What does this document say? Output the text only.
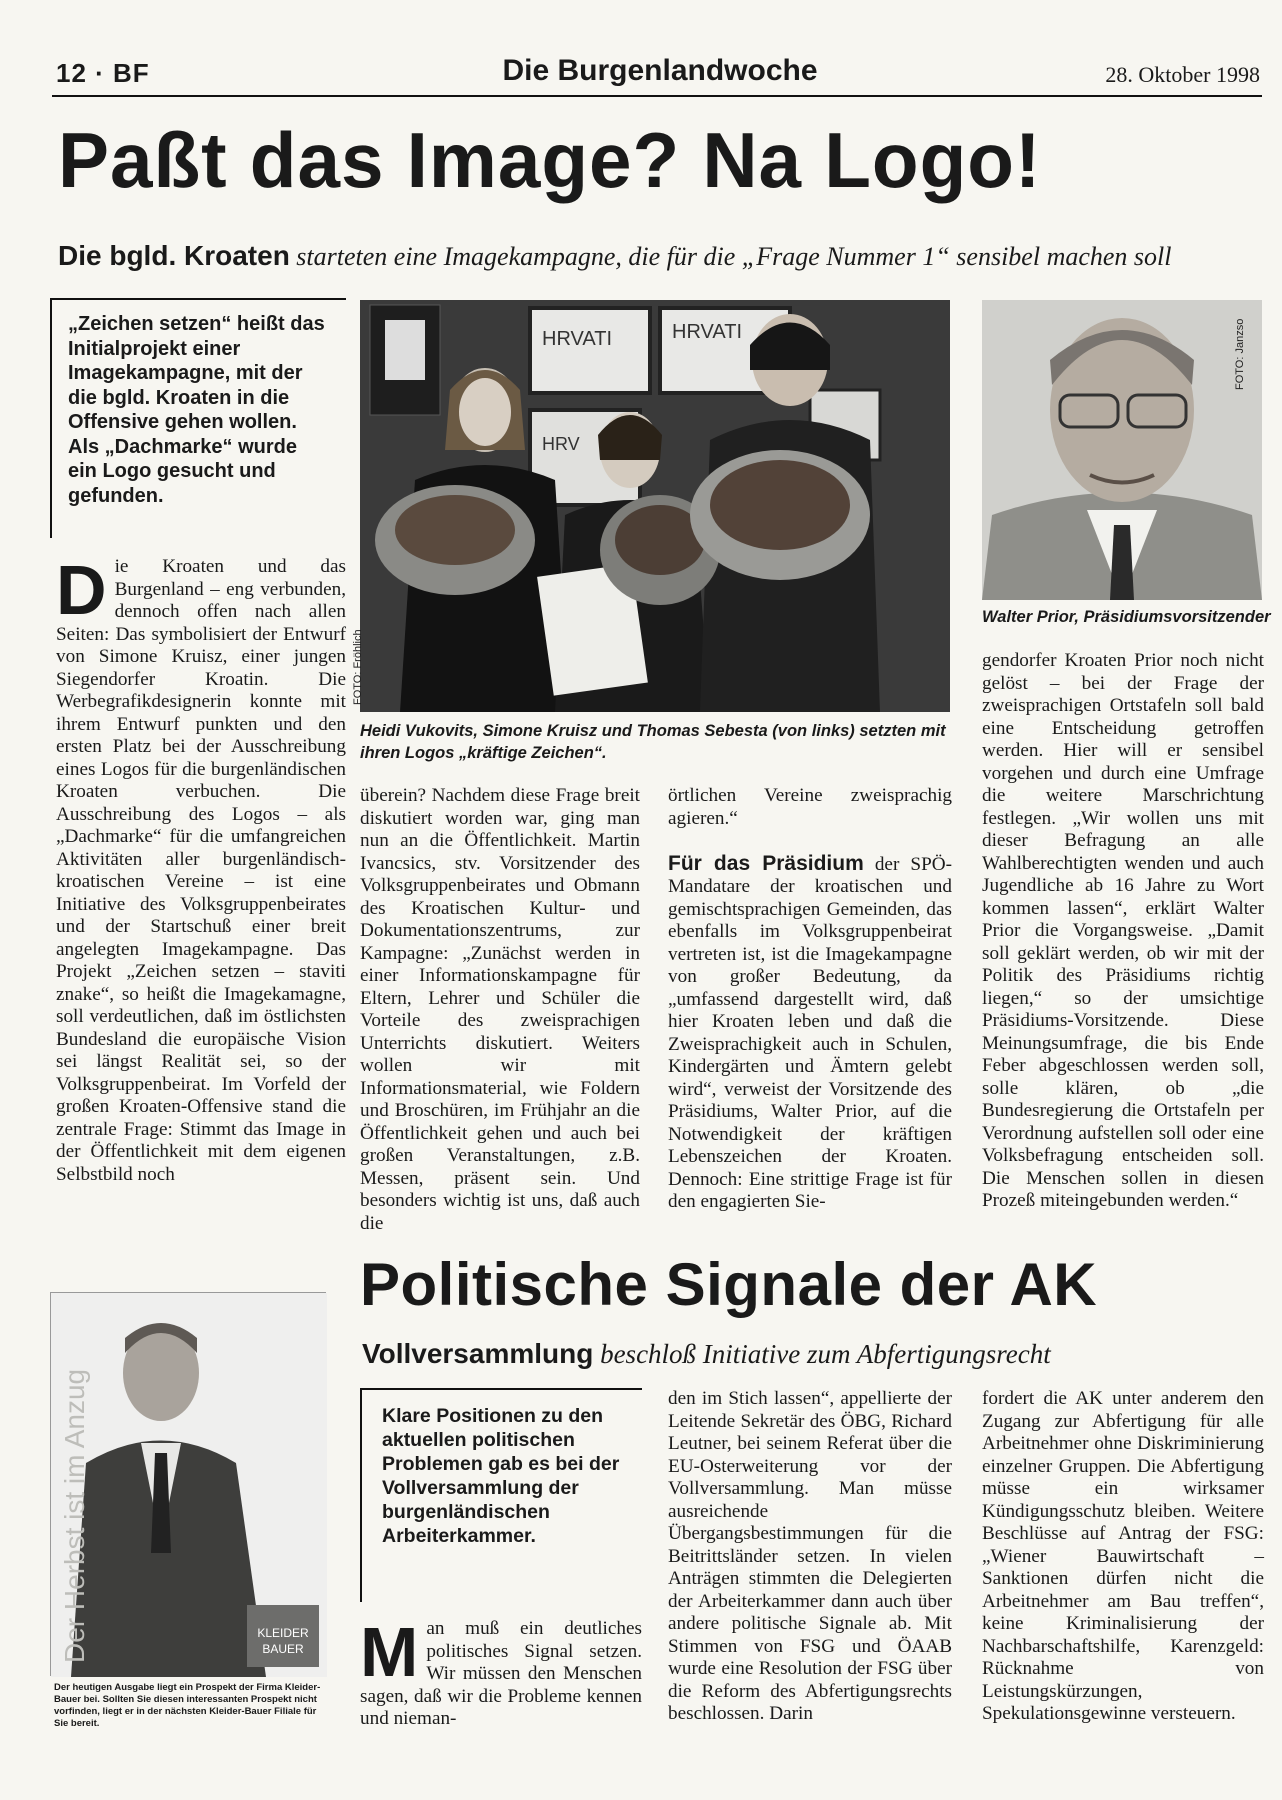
12 · BF	Die Burgenlandwoche	28. Oktober 1998
Paßt das Image? Na Logo!
Die bgld. Kroaten starteten eine Imagekampagne, die für die „Frage Nummer 1“ sensibel machen soll

„Zeichen setzen“ heißt das Initialprojekt einer Imagekampagne, mit der die bgld. Kroaten in die Offensive gehen wollen. Als „Dachmarke“ wurde ein Logo gesucht und gefunden.

HRVATI	HRVATI
HRV
FOTO: Fröhlich
FOTO: Janzso
Walter Prior, Präsidiumsvorsitzender
Heidi Vukovits, Simone Kruisz und Thomas Sebesta (von links) setzten mit ihren Logos „kräftige Zeichen“.
Die Kroaten und das Burgenland – eng verbunden, dennoch offen nach allen Seiten: Das symbolisiert der Entwurf von Simone Kruisz, einer jungen Siegendorfer Kroatin. Die Werbegrafikdesignerin konnte mit ihrem Entwurf punkten und den ersten Platz bei der Ausschreibung eines Logos für die burgenländischen Kroaten verbuchen. Die Ausschreibung des Logos – als „Dachmarke“ für die umfangreichen Aktivitäten aller burgenländisch-kroatischen Vereine – ist eine Initiative des Volksgruppenbeirates und der Startschuß einer breit angelegten Imagekampagne. Das Projekt „Zeichen setzen – staviti znake“, so heißt die Imagekamagne, soll verdeutlichen, daß im östlichsten Bundesland die europäische Vision sei längst Realität sei, so der Volksgruppenbeirat. Im Vorfeld der großen Kroaten-Offensive stand die zentrale Frage: Stimmt das Image in der Öffentlichkeit mit dem eigenen Selbstbild noch
überein? Nachdem diese Frage breit diskutiert worden war, ging man nun an die Öffentlichkeit. Martin Ivancsics, stv. Vorsitzender des Volksgruppenbeirates und Obmann des Kroatischen Kultur- und Dokumentationszentrums, zur Kampagne: „Zunächst werden in einer Informationskampagne für Eltern, Lehrer und Schüler die Vorteile des zweisprachigen Unterrichts diskutiert. Weiters wollen wir mit Informationsmaterial, wie Foldern und Broschüren, im Frühjahr an die Öffentlichkeit gehen und auch bei großen Veranstaltungen, z.B. Messen, präsent sein. Und besonders wichtig ist uns, daß auch die
örtlichen Vereine zweisprachig agieren.“

Für das Präsidium der SPÖ-Mandatare der kroatischen und gemischtsprachigen Gemeinden, das ebenfalls im Volksgruppenbeirat vertreten ist, ist die Imagekampagne von großer Bedeutung, da „umfassend dargestellt wird, daß hier Kroaten leben und daß die Zweisprachigkeit auch in Schulen, Kindergärten und Ämtern gelebt wird“, verweist der Vorsitzende des Präsidiums, Walter Prior, auf die Notwendigkeit der kräftigen Lebenszeichen der Kroaten. Dennoch: Eine strittige Frage ist für den engagierten Sie-
gendorfer Kroaten Prior noch nicht gelöst – bei der Frage der zweisprachigen Ortstafeln soll bald eine Entscheidung getroffen werden. Hier will er sensibel vorgehen und durch eine Umfrage die weitere Marschrichtung festlegen. „Wir wollen uns mit dieser Befragung an alle Wahlberechtigten wenden und auch Jugendliche ab 16 Jahre zu Wort kommen lassen“, erklärt Walter Prior die Vorgangsweise. „Damit soll geklärt werden, ob wir mit der Politik des Präsidiums richtig liegen,“ so der umsichtige Präsidiums-Vorsitzende. Diese Meinungsumfrage, die bis Ende Feber abgeschlossen werden soll, solle klären, ob „die Bundesregierung die Ortstafeln per Verordnung aufstellen soll oder eine Volksbefragung entscheiden soll. Die Menschen sollen in diesen Prozeß miteingebunden werden.“
KLEIDER
BAUER
Der Herbst ist im Anzug
Der heutigen Ausgabe liegt ein Prospekt der Firma Kleider-Bauer bei. Sollten Sie diesen interessanten Prospekt nicht vorfinden, liegt er in der nächsten Kleider-Bauer Filiale für Sie bereit.
Politische Signale der AK
Vollversammlung beschloß Initiative zum Abfertigungsrecht

Klare Positionen zu den aktuellen politischen Problemen gab es bei der Vollversammlung der burgenländischen Arbeiterkammer.

Man muß ein deutliches politisches Signal setzen. Wir müssen den Menschen sagen, daß wir die Probleme kennen und nieman-
den im Stich lassen“, appellierte der Leitende Sekretär des ÖBG, Richard Leutner, bei seinem Referat über die EU-Osterweiterung vor der Vollversammlung. Man müsse ausreichende Übergangsbestimmungen für die Beitrittsländer setzen. In vielen Anträgen stimmten die Delegierten der Arbeiterkammer dann auch über andere politische Signale ab. Mit Stimmen von FSG und ÖAAB wurde eine Resolution der FSG über die Reform des Abfertigungsrechts beschlossen. Darin
fordert die AK unter anderem den Zugang zur Abfertigung für alle Arbeitnehmer ohne Diskriminierung einzelner Gruppen. Die Abfertigung müsse ein wirksamer Kündigungsschutz bleiben. Weitere Beschlüsse auf Antrag der FSG: „Wiener Bauwirtschaft – Sanktionen dürfen nicht die Arbeitnehmer am Bau treffen“, keine Kriminalisierung der Nachbarschaftshilfe, Karenzgeld: Rücknahme von Leistungskürzungen, Spekulationsgewinne versteuern.
